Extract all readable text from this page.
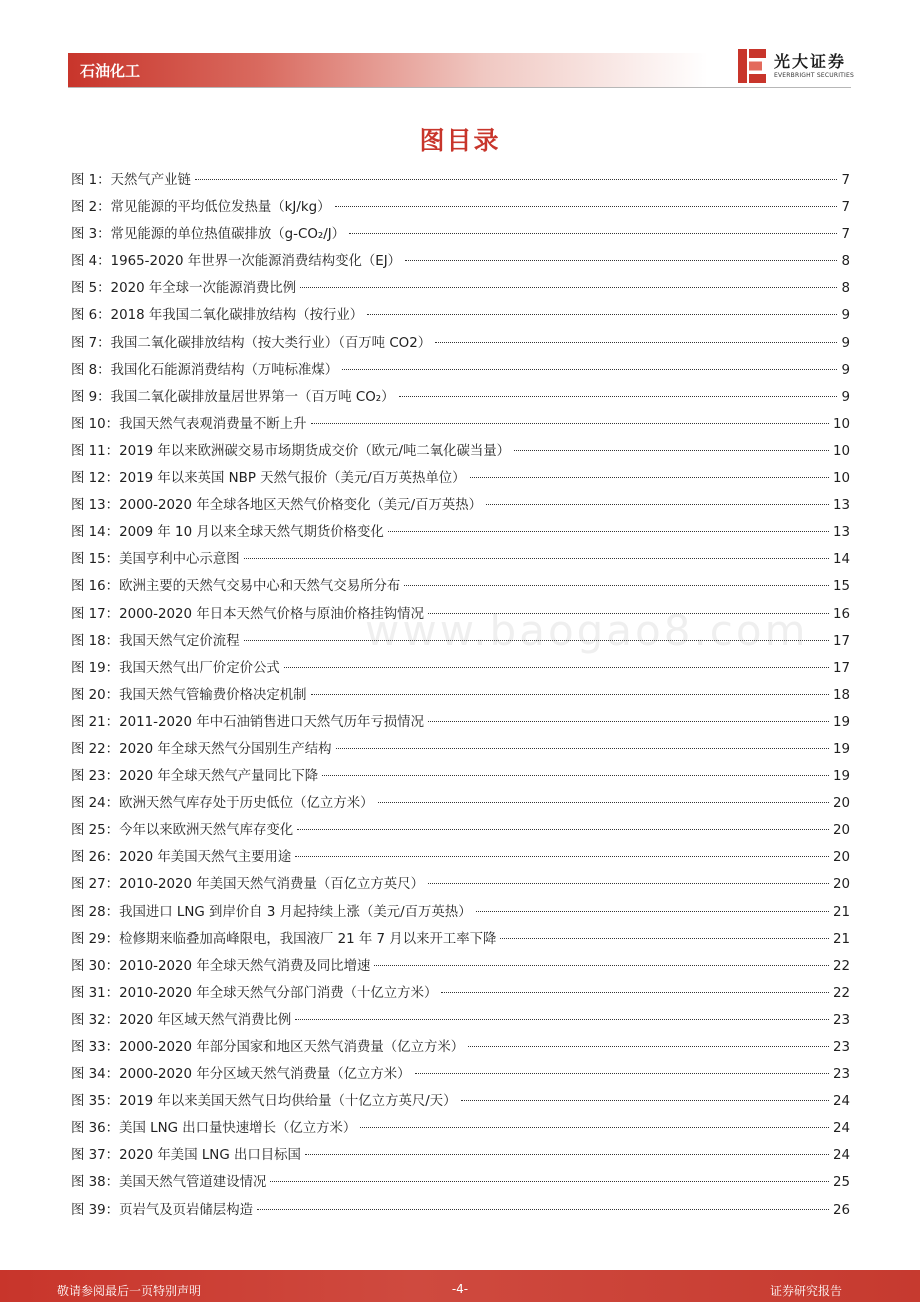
石油化工	光大证券
EVERBRIGHT SECURITIES
图目录
www.baogao8.com
图 1：天然气产业链	7
图 2：常见能源的平均低位发热量（kJ/kg）	7
图 3：常见能源的单位热值碳排放（g-CO₂/J）	7
图 4：1965-2020 年世界一次能源消费结构变化（EJ）	8
图 5：2020 年全球一次能源消费比例	8
图 6：2018 年我国二氧化碳排放结构（按行业）	9
图 7：我国二氧化碳排放结构（按大类行业）（百万吨 CO2）	9
图 8：我国化石能源消费结构（万吨标准煤）	9
图 9：我国二氧化碳排放量居世界第一（百万吨 CO₂）	9
图 10：我国天然气表观消费量不断上升	10
图 11：2019 年以来欧洲碳交易市场期货成交价（欧元/吨二氧化碳当量）	10
图 12：2019 年以来英国 NBP 天然气报价（美元/百万英热单位）	10
图 13：2000-2020 年全球各地区天然气价格变化（美元/百万英热）	13
图 14：2009 年 10 月以来全球天然气期货价格变化	13
图 15：美国亨利中心示意图	14
图 16：欧洲主要的天然气交易中心和天然气交易所分布	15
图 17：2000-2020 年日本天然气价格与原油价格挂钩情况	16
图 18：我国天然气定价流程	17
图 19：我国天然气出厂价定价公式	17
图 20：我国天然气管输费价格决定机制	18
图 21：2011-2020 年中石油销售进口天然气历年亏损情况	19
图 22：2020 年全球天然气分国别生产结构	19
图 23：2020 年全球天然气产量同比下降	19
图 24：欧洲天然气库存处于历史低位（亿立方米）	20
图 25：今年以来欧洲天然气库存变化	20
图 26：2020 年美国天然气主要用途	20
图 27：2010-2020 年美国天然气消费量（百亿立方英尺）	20
图 28：我国进口 LNG 到岸价自 3 月起持续上涨（美元/百万英热）	21
图 29：检修期来临叠加高峰限电，我国液厂 21 年 7 月以来开工率下降	21
图 30：2010-2020 年全球天然气消费及同比增速	22
图 31：2010-2020 年全球天然气分部门消费（十亿立方米）	22
图 32：2020 年区域天然气消费比例	23
图 33：2000-2020 年部分国家和地区天然气消费量（亿立方米）	23
图 34：2000-2020 年分区域天然气消费量（亿立方米）	23
图 35：2019 年以来美国天然气日均供给量（十亿立方英尺/天）	24
图 36：美国 LNG 出口量快速增长（亿立方米）	24
图 37：2020 年美国 LNG 出口目标国	24
图 38：美国天然气管道建设情况	25
图 39：页岩气及页岩储层构造	26
敬请参阅最后一页特别声明	-4-	证券研究报告
